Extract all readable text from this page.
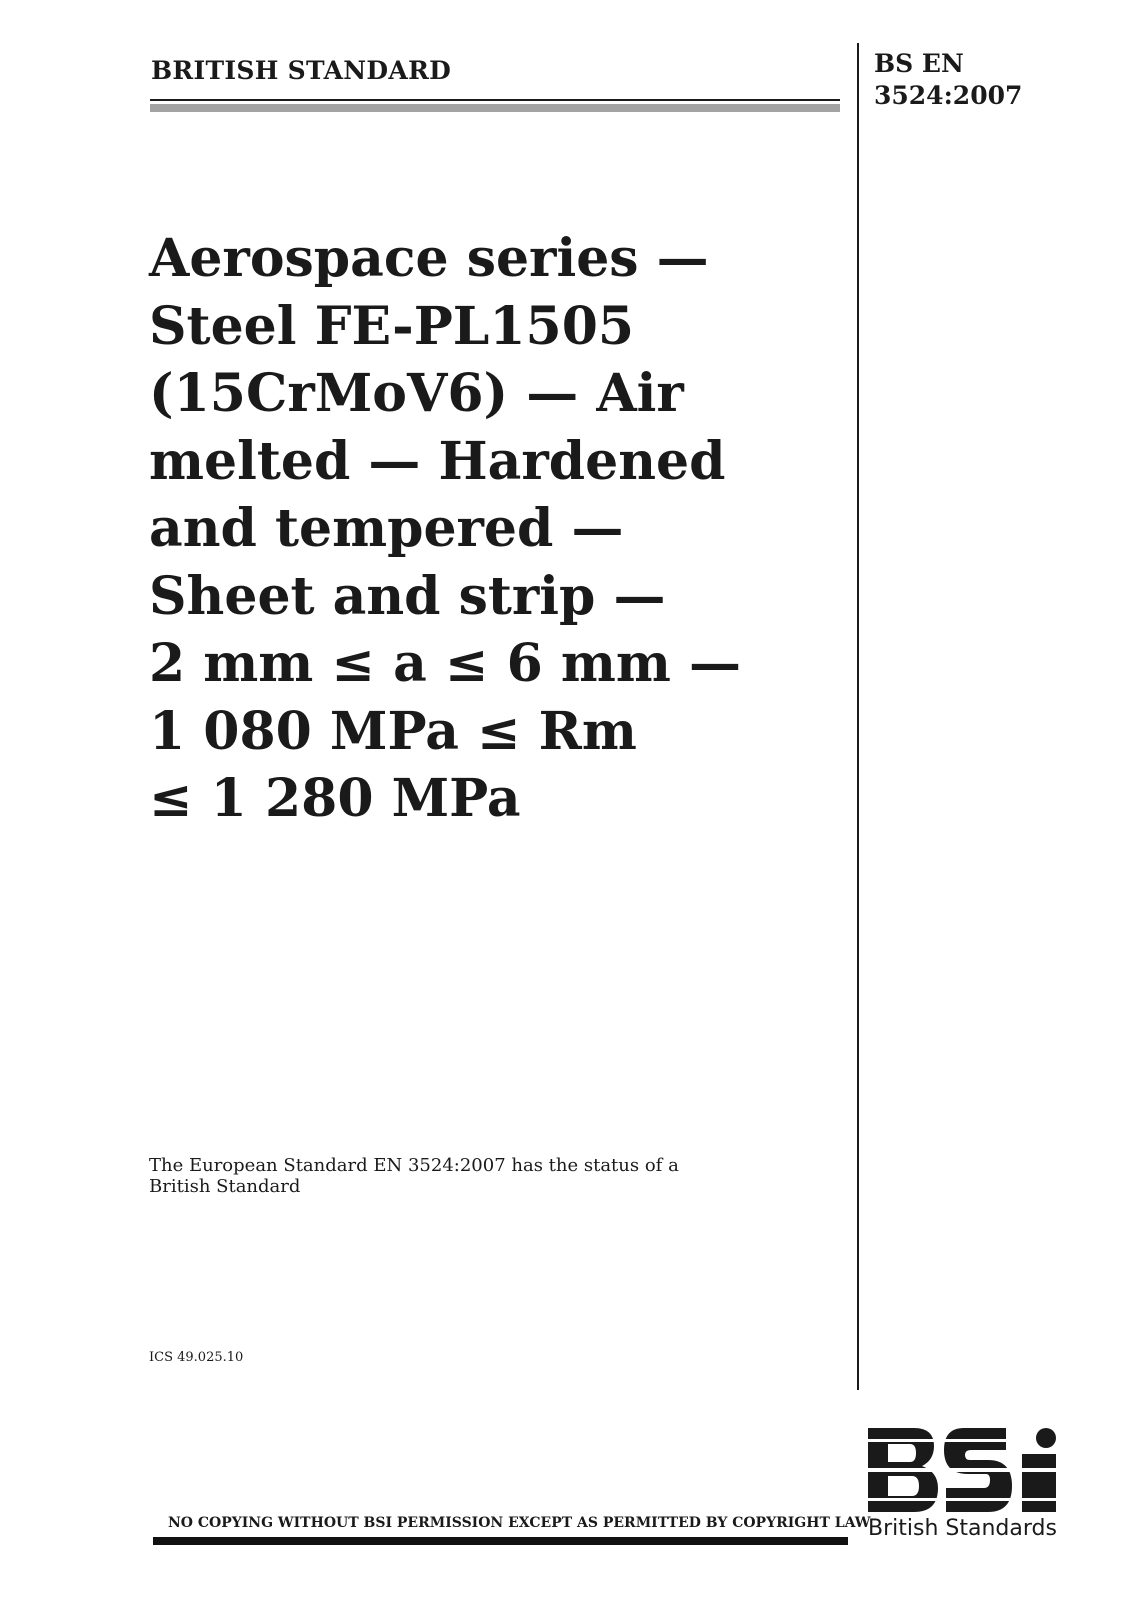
BRITISH STANDARD	BS EN
3524:2007
Aerospace series —
Steel FE-PL1505
(15CrMoV6) — Air
melted — Hardened
and tempered —
Sheet and strip —
2 mm ≤ a ≤ 6 mm —
1 080 MPa ≤ Rm
≤ 1 280 MPa
The European Standard EN 3524:2007 has the status of a
British Standard
ICS 49.025.10
NO COPYING WITHOUT BSI PERMISSION EXCEPT AS PERMITTED BY COPYRIGHT LAW
British Standards
